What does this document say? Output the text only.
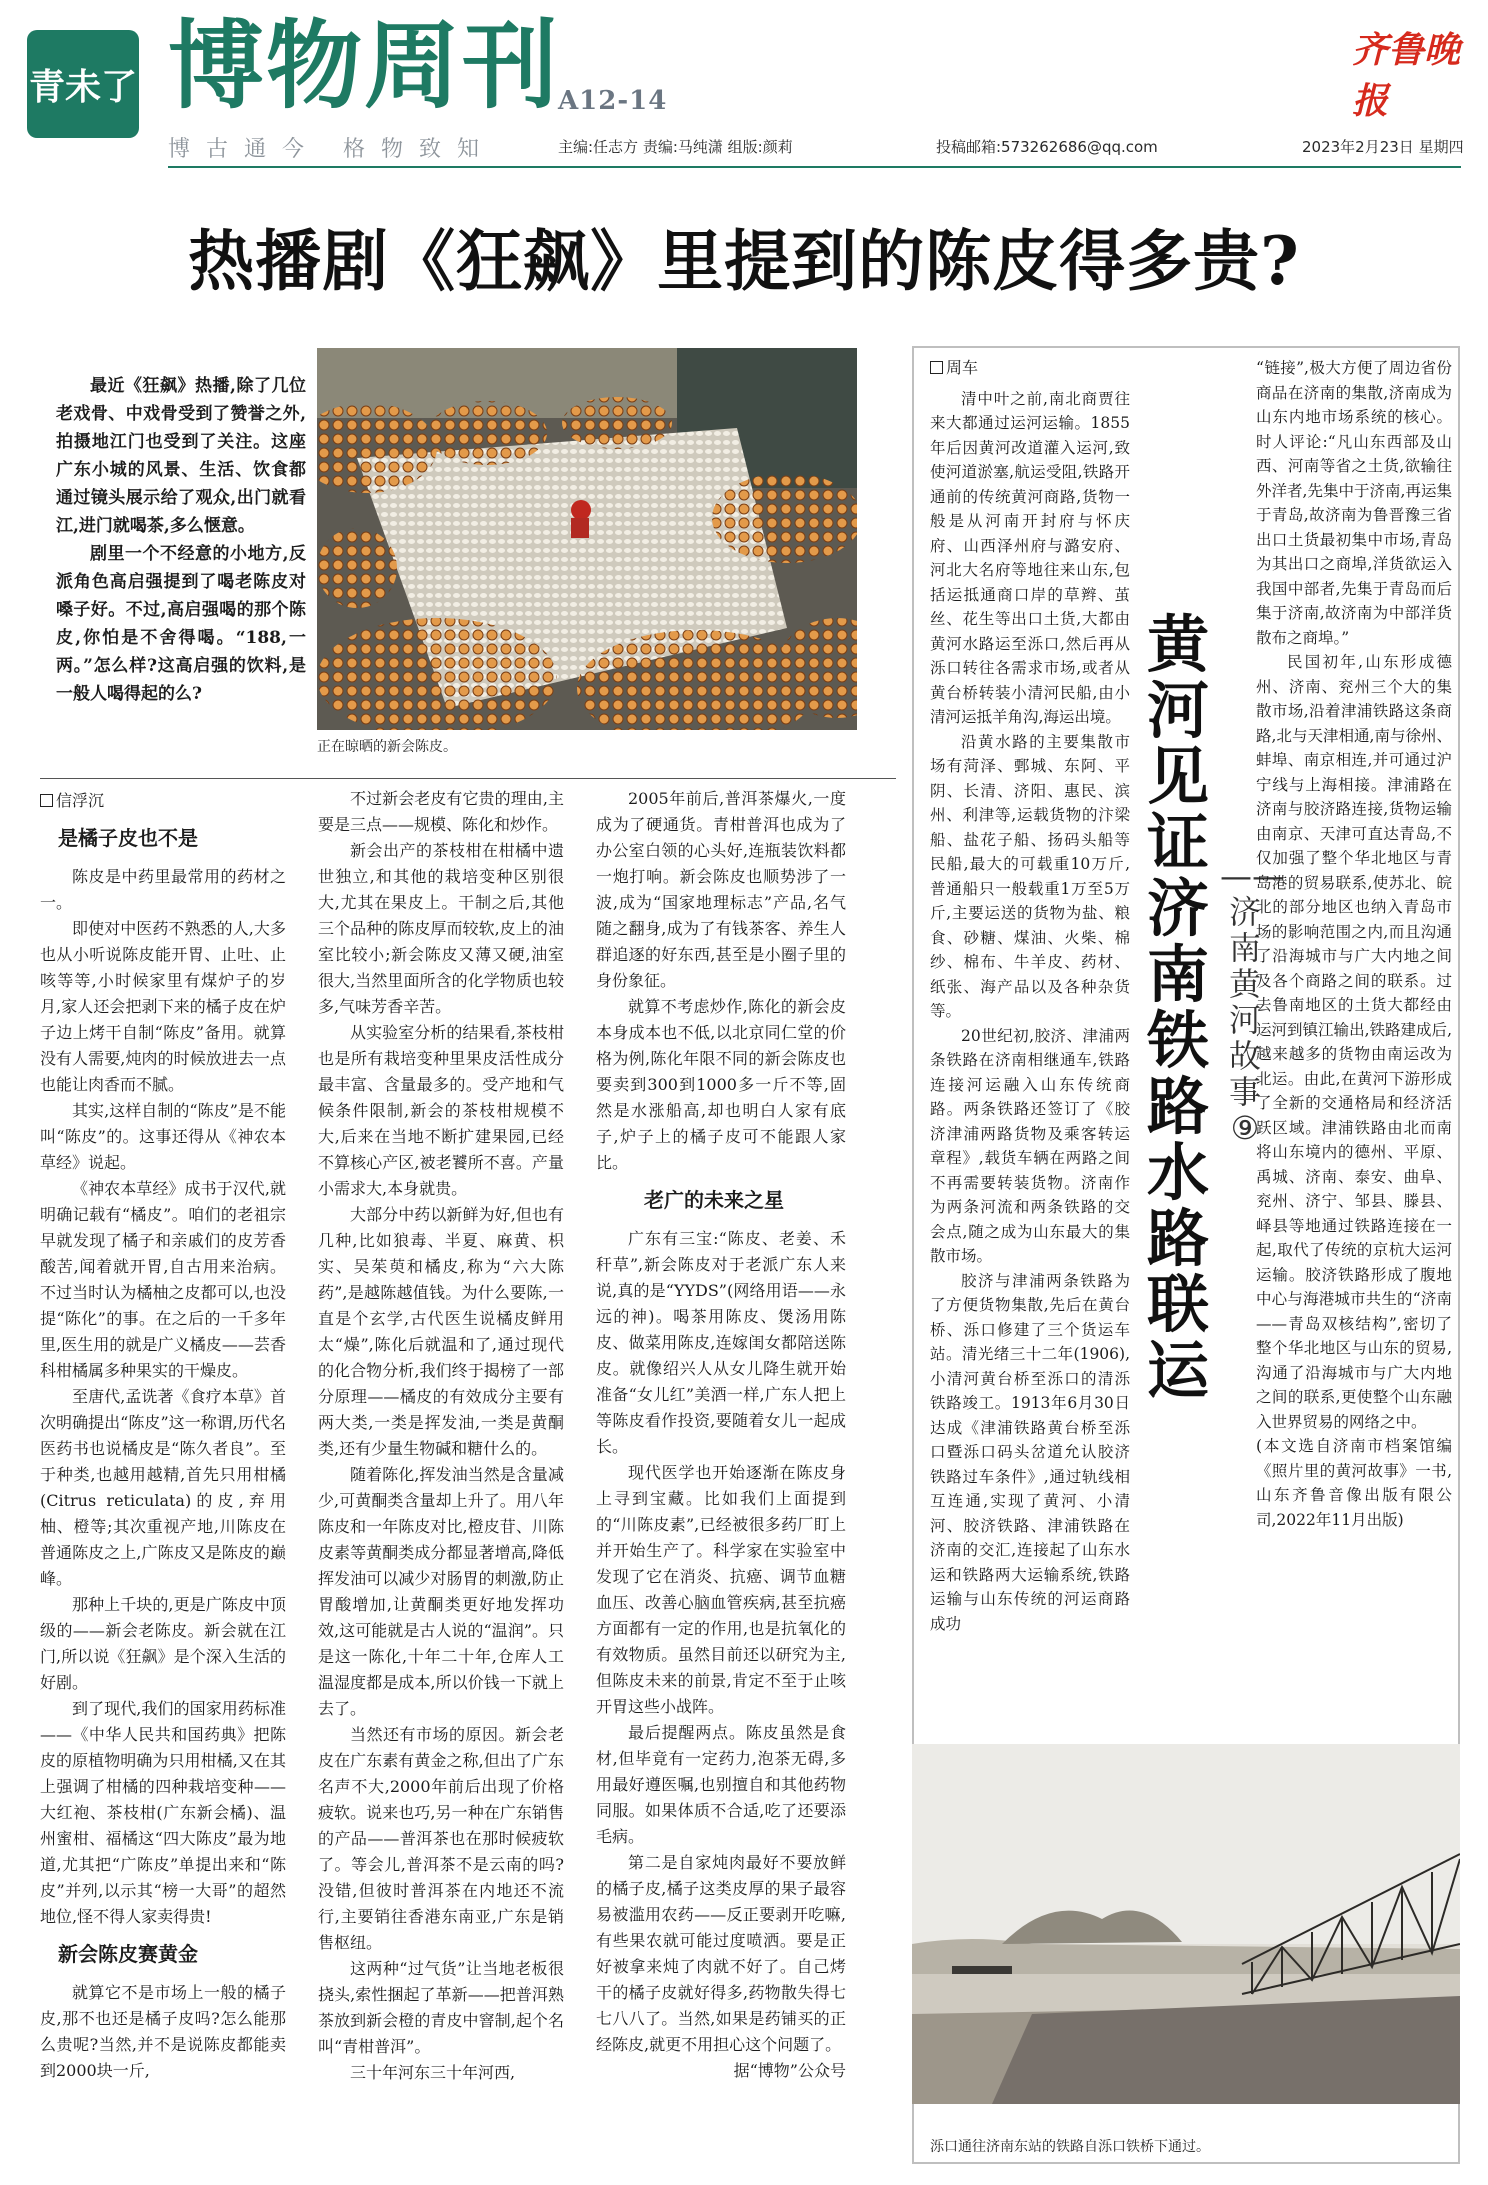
青未了 博物周刊
A12-14
齐鲁晚报
博古通今 格物致知	主编:任志方 责编:马纯潇 组版:颜莉	投稿邮箱:573262686@qq.com	2023年2月23日 星期四
热播剧《狂飙》里提到的陈皮得多贵?

最近《狂飙》热播,除了几位老戏骨、中戏骨受到了赞誉之外,拍摄地江门也受到了关注。这座广东小城的风景、生活、饮食都通过镜头展示给了观众,出门就看江,进门就喝茶,多么惬意。

剧里一个不经意的小地方,反派角色高启强提到了喝老陈皮对嗓子好。不过,高启强喝的那个陈皮,你怕是不舍得喝。“188,一两。”怎么样?这高启强的饮料,是一般人喝得起的么?

正在晾晒的新会陈皮。
信浮沉
是橘子皮也不是

陈皮是中药里最常用的药材之一。

即使对中医药不熟悉的人,大多也从小听说陈皮能开胃、止吐、止咳等等,小时候家里有煤炉子的岁月,家人还会把剥下来的橘子皮在炉子边上烤干自制“陈皮”备用。就算没有人需要,炖肉的时候放进去一点也能让肉香而不腻。

其实,这样自制的“陈皮”是不能叫“陈皮”的。这事还得从《神农本草经》说起。

《神农本草经》成书于汉代,就明确记载有“橘皮”。咱们的老祖宗早就发现了橘子和亲戚们的皮芳香酸苦,闻着就开胃,自古用来治病。不过当时认为橘柚之皮都可以,也没提“陈化”的事。在之后的一千多年里,医生用的就是广义橘皮——芸香科柑橘属多种果实的干燥皮。

至唐代,孟诜著《食疗本草》首次明确提出“陈皮”这一称谓,历代名医药书也说橘皮是“陈久者良”。至于种类,也越用越精,首先只用柑橘(Citrus reticulata)的皮,弃用柚、橙等;其次重视产地,川陈皮在普通陈皮之上,广陈皮又是陈皮的巅峰。

那种上千块的,更是广陈皮中顶级的——新会老陈皮。新会就在江门,所以说《狂飙》是个深入生活的好剧。

到了现代,我们的国家用药标准——《中华人民共和国药典》把陈皮的原植物明确为只用柑橘,又在其上强调了柑橘的四种栽培变种——大红袍、茶枝柑(广东新会橘)、温州蜜柑、福橘这“四大陈皮”最为地道,尤其把“广陈皮”单提出来和“陈皮”并列,以示其“榜一大哥”的超然地位,怪不得人家卖得贵!

新会陈皮赛黄金

就算它不是市场上一般的橘子皮,那不也还是橘子皮吗?怎么能那么贵呢?当然,并不是说陈皮都能卖到2000块一斤,

不过新会老皮有它贵的理由,主要是三点——规模、陈化和炒作。

新会出产的茶枝柑在柑橘中遗世独立,和其他的栽培变种区别很大,尤其在果皮上。干制之后,其他三个品种的陈皮厚而较软,皮上的油室比较小;新会陈皮又薄又硬,油室很大,当然里面所含的化学物质也较多,气味芳香辛苦。

从实验室分析的结果看,茶枝柑也是所有栽培变种里果皮活性成分最丰富、含量最多的。受产地和气候条件限制,新会的茶枝柑规模不大,后来在当地不断扩建果园,已经不算核心产区,被老饕所不喜。产量小需求大,本身就贵。

大部分中药以新鲜为好,但也有几种,比如狼毒、半夏、麻黄、枳实、吴茱萸和橘皮,称为“六大陈药”,是越陈越值钱。为什么要陈,一直是个玄学,古代医生说橘皮鲜用太“燥”,陈化后就温和了,通过现代的化合物分析,我们终于揭榜了一部分原理——橘皮的有效成分主要有两大类,一类是挥发油,一类是黄酮类,还有少量生物碱和糖什么的。

随着陈化,挥发油当然是含量减少,可黄酮类含量却上升了。用八年陈皮和一年陈皮对比,橙皮苷、川陈皮素等黄酮类成分都显著增高,降低挥发油可以减少对肠胃的刺激,防止胃酸增加,让黄酮类更好地发挥功效,这可能就是古人说的“温润”。只是这一陈化,十年二十年,仓库人工温湿度都是成本,所以价钱一下就上去了。

当然还有市场的原因。新会老皮在广东素有黄金之称,但出了广东名声不大,2000年前后出现了价格疲软。说来也巧,另一种在广东销售的产品——普洱茶也在那时候疲软了。等会儿,普洱茶不是云南的吗?没错,但彼时普洱茶在内地还不流行,主要销往香港东南亚,广东是销售枢纽。

这两种“过气货”让当地老板很挠头,索性捆起了革新——把普洱熟茶放到新会橙的青皮中窨制,起个名叫“青柑普洱”。

三十年河东三十年河西,

2005年前后,普洱茶爆火,一度成为了硬通货。青柑普洱也成为了办公室白领的心头好,连瓶装饮料都一炮打响。新会陈皮也顺势涉了一波,成为“国家地理标志”产品,名气随之翻身,成为了有钱茶客、养生人群追逐的好东西,甚至是小圈子里的身份象征。

就算不考虑炒作,陈化的新会皮本身成本也不低,以北京同仁堂的价格为例,陈化年限不同的新会陈皮也要卖到300到1000多一斤不等,固然是水涨船高,却也明白人家有底子,炉子上的橘子皮可不能跟人家比。

老广的未来之星

广东有三宝:“陈皮、老姜、禾秆草”,新会陈皮对于老派广东人来说,真的是“YYDS”(网络用语——永远的神)。喝茶用陈皮、煲汤用陈皮、做菜用陈皮,连嫁闺女都陪送陈皮。就像绍兴人从女儿降生就开始准备“女儿红”美酒一样,广东人把上等陈皮看作投资,要随着女儿一起成长。

现代医学也开始逐渐在陈皮身上寻到宝藏。比如我们上面提到的“川陈皮素”,已经被很多药厂盯上并开始生产了。科学家在实验室中发现了它在消炎、抗癌、调节血糖血压、改善心脑血管疾病,甚至抗癌方面都有一定的作用,也是抗氧化的有效物质。虽然目前还以研究为主,但陈皮未来的前景,肯定不至于止咳开胃这些小战阵。

最后提醒两点。陈皮虽然是食材,但毕竟有一定药力,泡茶无碍,多用最好遵医嘱,也别擅自和其他药物同服。如果体质不合适,吃了还要添毛病。

第二是自家炖肉最好不要放鲜的橘子皮,橘子这类皮厚的果子最容易被滥用农药——反正要剥开吃嘛,有些果农就可能过度喷洒。要是正好被拿来炖了肉就不好了。自己烤干的橘子皮就好得多,药物散失得七七八八了。当然,如果是药铺买的正经陈皮,就更不用担心这个问题了。

据“博物”公众号

周车

清中叶之前,南北商贾往来大都通过运河运输。1855年后因黄河改道灌入运河,致使河道淤塞,航运受阻,铁路开通前的传统黄河商路,货物一般是从河南开封府与怀庆府、山西泽州府与潞安府、河北大名府等地往来山东,包括运抵通商口岸的草辫、茧丝、花生等出口土货,大都由黄河水路运至泺口,然后再从泺口转往各需求市场,或者从黄台桥转装小清河民船,由小清河运抵羊角沟,海运出境。

沿黄水路的主要集散市场有菏泽、鄄城、东阿、平阴、长清、济阳、惠民、滨州、利津等,运载货物的汴梁船、盐花子船、扬码头船等民船,最大的可载重10万斤,普通船只一般载重1万至5万斤,主要运送的货物为盐、粮食、砂糖、煤油、火柴、棉纱、棉布、牛羊皮、药材、纸张、海产品以及各种杂货等。

20世纪初,胶济、津浦两条铁路在济南相继通车,铁路连接河运融入山东传统商路。两条铁路还签订了《胶济津浦两路货物及乘客转运章程》,载货车辆在两路之间不再需要转装货物。济南作为两条河流和两条铁路的交会点,随之成为山东最大的集散市场。

胶济与津浦两条铁路为了方便货物集散,先后在黄台桥、泺口修建了三个货运车站。清光绪三十二年(1906),小清河黄台桥至泺口的清泺铁路竣工。1913年6月30日达成《津浦铁路黄台桥至泺口暨泺口码头岔道允认胶济铁路过车条件》,通过轨线相互连通,实现了黄河、小清河、胶济铁路、津浦铁路在济南的交汇,连接起了山东水运和铁路两大运输系统,铁路运输与山东传统的河运商路成功

黄河见证济南铁路水路联运
——济南黄河故事⑨

“链接”,极大方便了周边省份商品在济南的集散,济南成为山东内地市场系统的核心。时人评论:“凡山东西部及山西、河南等省之土货,欲输往外洋者,先集中于济南,再运集于青岛,故济南为鲁晋豫三省出口土货最初集中市场,青岛为其出口之商埠,洋货欲运入我国中部者,先集于青岛而后集于济南,故济南为中部洋货散布之商埠。”

民国初年,山东形成德州、济南、兖州三个大的集散市场,沿着津浦铁路这条商路,北与天津相通,南与徐州、蚌埠、南京相连,并可通过沪宁线与上海相接。津浦路在济南与胶济路连接,货物运输由南京、天津可直达青岛,不仅加强了整个华北地区与青岛港的贸易联系,使苏北、皖北的部分地区也纳入青岛市场的影响范围之内,而且沟通了沿海城市与广大内地之间及各个商路之间的联系。过去鲁南地区的土货大都经由运河到镇江输出,铁路建成后,越来越多的货物由南运改为北运。由此,在黄河下游形成了全新的交通格局和经济活跃区域。津浦铁路由北而南将山东境内的德州、平原、禹城、济南、泰安、曲阜、兖州、济宁、邹县、滕县、峄县等地通过铁路连接在一起,取代了传统的京杭大运河运输。胶济铁路形成了腹地中心与海港城市共生的“济南——青岛双核结构”,密切了整个华北地区与山东的贸易,沟通了沿海城市与广大内地之间的联系,更使整个山东融入世界贸易的网络之中。

(本文选自济南市档案馆编《照片里的黄河故事》一书,山东齐鲁音像出版有限公司,2022年11月出版)

泺口通往济南东站的铁路自泺口铁桥下通过。
